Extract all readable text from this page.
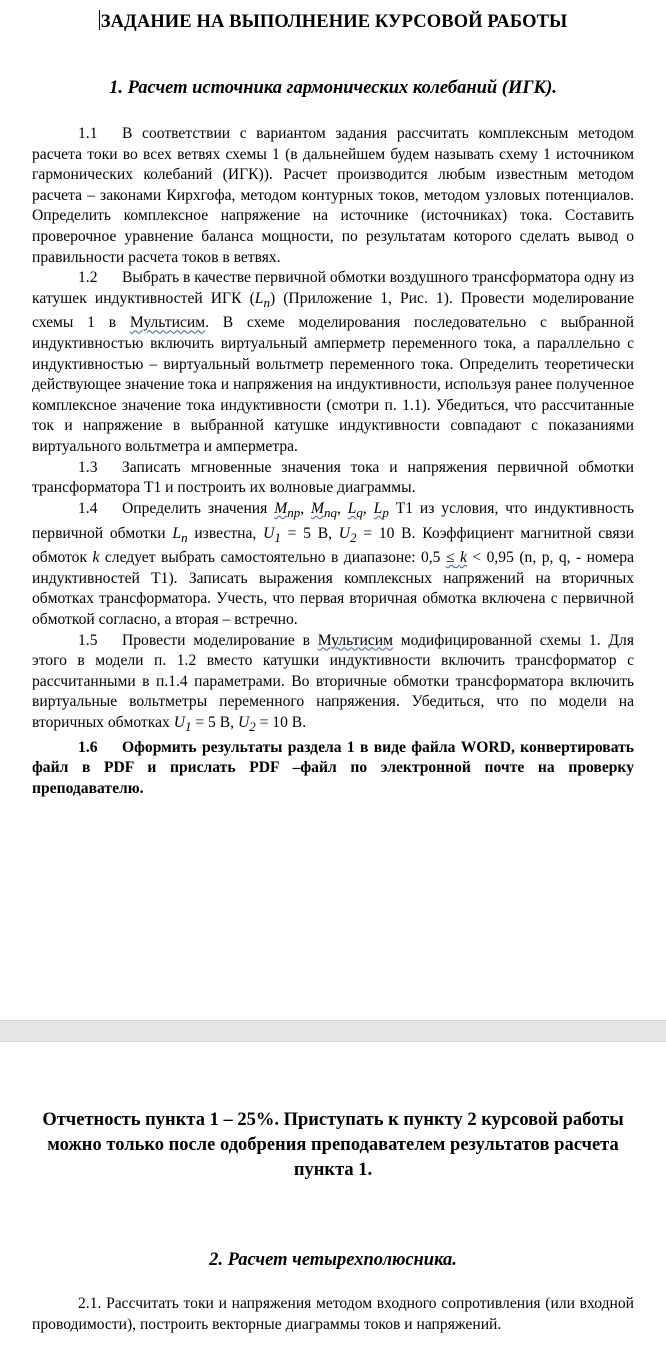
ЗАДАНИЕ НА ВЫПОЛНЕНИЕ КУРСОВОЙ РАБОТЫ
1. Расчет источника гармонических колебаний (ИГК).

1.1 В соответствии с вариантом задания рассчитать комплексным методом расчета токи во всех ветвях схемы 1 (в дальнейшем будем называть схему 1 источником гармонических колебаний (ИГК)). Расчет производится любым известным методом расчета – законами Кирхгофа, методом контурных токов, методом узловых потенциалов. Определить комплексное напряжение на источнике (источниках) тока. Составить проверочное уравнение баланса мощности, по результатам которого сделать вывод о правильности расчета токов в ветвях.

1.2 Выбрать в качестве первичной обмотки воздушного трансформатора одну из катушек индуктивностей ИГК $(L_n)$ (Приложение 1, Рис. 1). Провести моделирование схемы 1 в Мультисим. В схеме моделирования последовательно с выбранной индуктивностью включить виртуальный амперметр переменного тока, а параллельно с индуктивностью – виртуальный вольтметр переменного тока. Определить теоретически действующее значение тока и напряжения на индуктивности, используя ранее полученное комплексное значение тока индуктивности (смотри п. 1.1). Убедиться, что рассчитанные ток и напряжение в выбранной катушке индуктивности совпадают с показаниями виртуального вольтметра и амперметра.

1.3 Записать мгновенные значения тока и напряжения первичной обмотки трансформатора Т1 и построить их волновые диаграммы.

1.4 Определить значения $М_{np}$, $М_{nq}$, $L_q$, $L_p$ Т1 из условия, что индуктивность первичной обмотки $L_n$ известна, $U_1 = 5$ В, $U_2 = 10$ В. Коэффициент магнитной связи обмоток k следует выбрать самостоятельно в диапазоне: 0,5 ≤ k < 0,95 (n, p, q, - номера индуктивностей Т1). Записать выражения комплексных напряжений на вторичных обмотках трансформатора. Учесть, что первая вторичная обмотка включена с первичной обмоткой согласно, а вторая – встречно.

1.5 Провести моделирование в Мультисим модифицированной схемы 1. Для этого в модели п. 1.2 вместо катушки индуктивности включить трансформатор с рассчитанными в п.1.4 параметрами. Во вторичные обмотки трансформатора включить виртуальные вольтметры переменного напряжения. Убедиться, что по модели на вторичных обмотках $U_1 = 5$ В, $U_2 = 10$ В.

1.6 Оформить результаты раздела 1 в виде файла WORD, конвертировать файл в PDF и прислать PDF –файл по электронной почте на проверку преподавателю.

Отчетность пункта 1 – 25%. Приступать к пункту 2 курсовой работы можно только после одобрения преподавателем результатов расчета пункта 1.
2. Расчет четырехполюсника.

2.1. Рассчитать токи и напряжения методом входного сопротивления (или входной проводимости), построить векторные диаграммы токов и напряжений.
